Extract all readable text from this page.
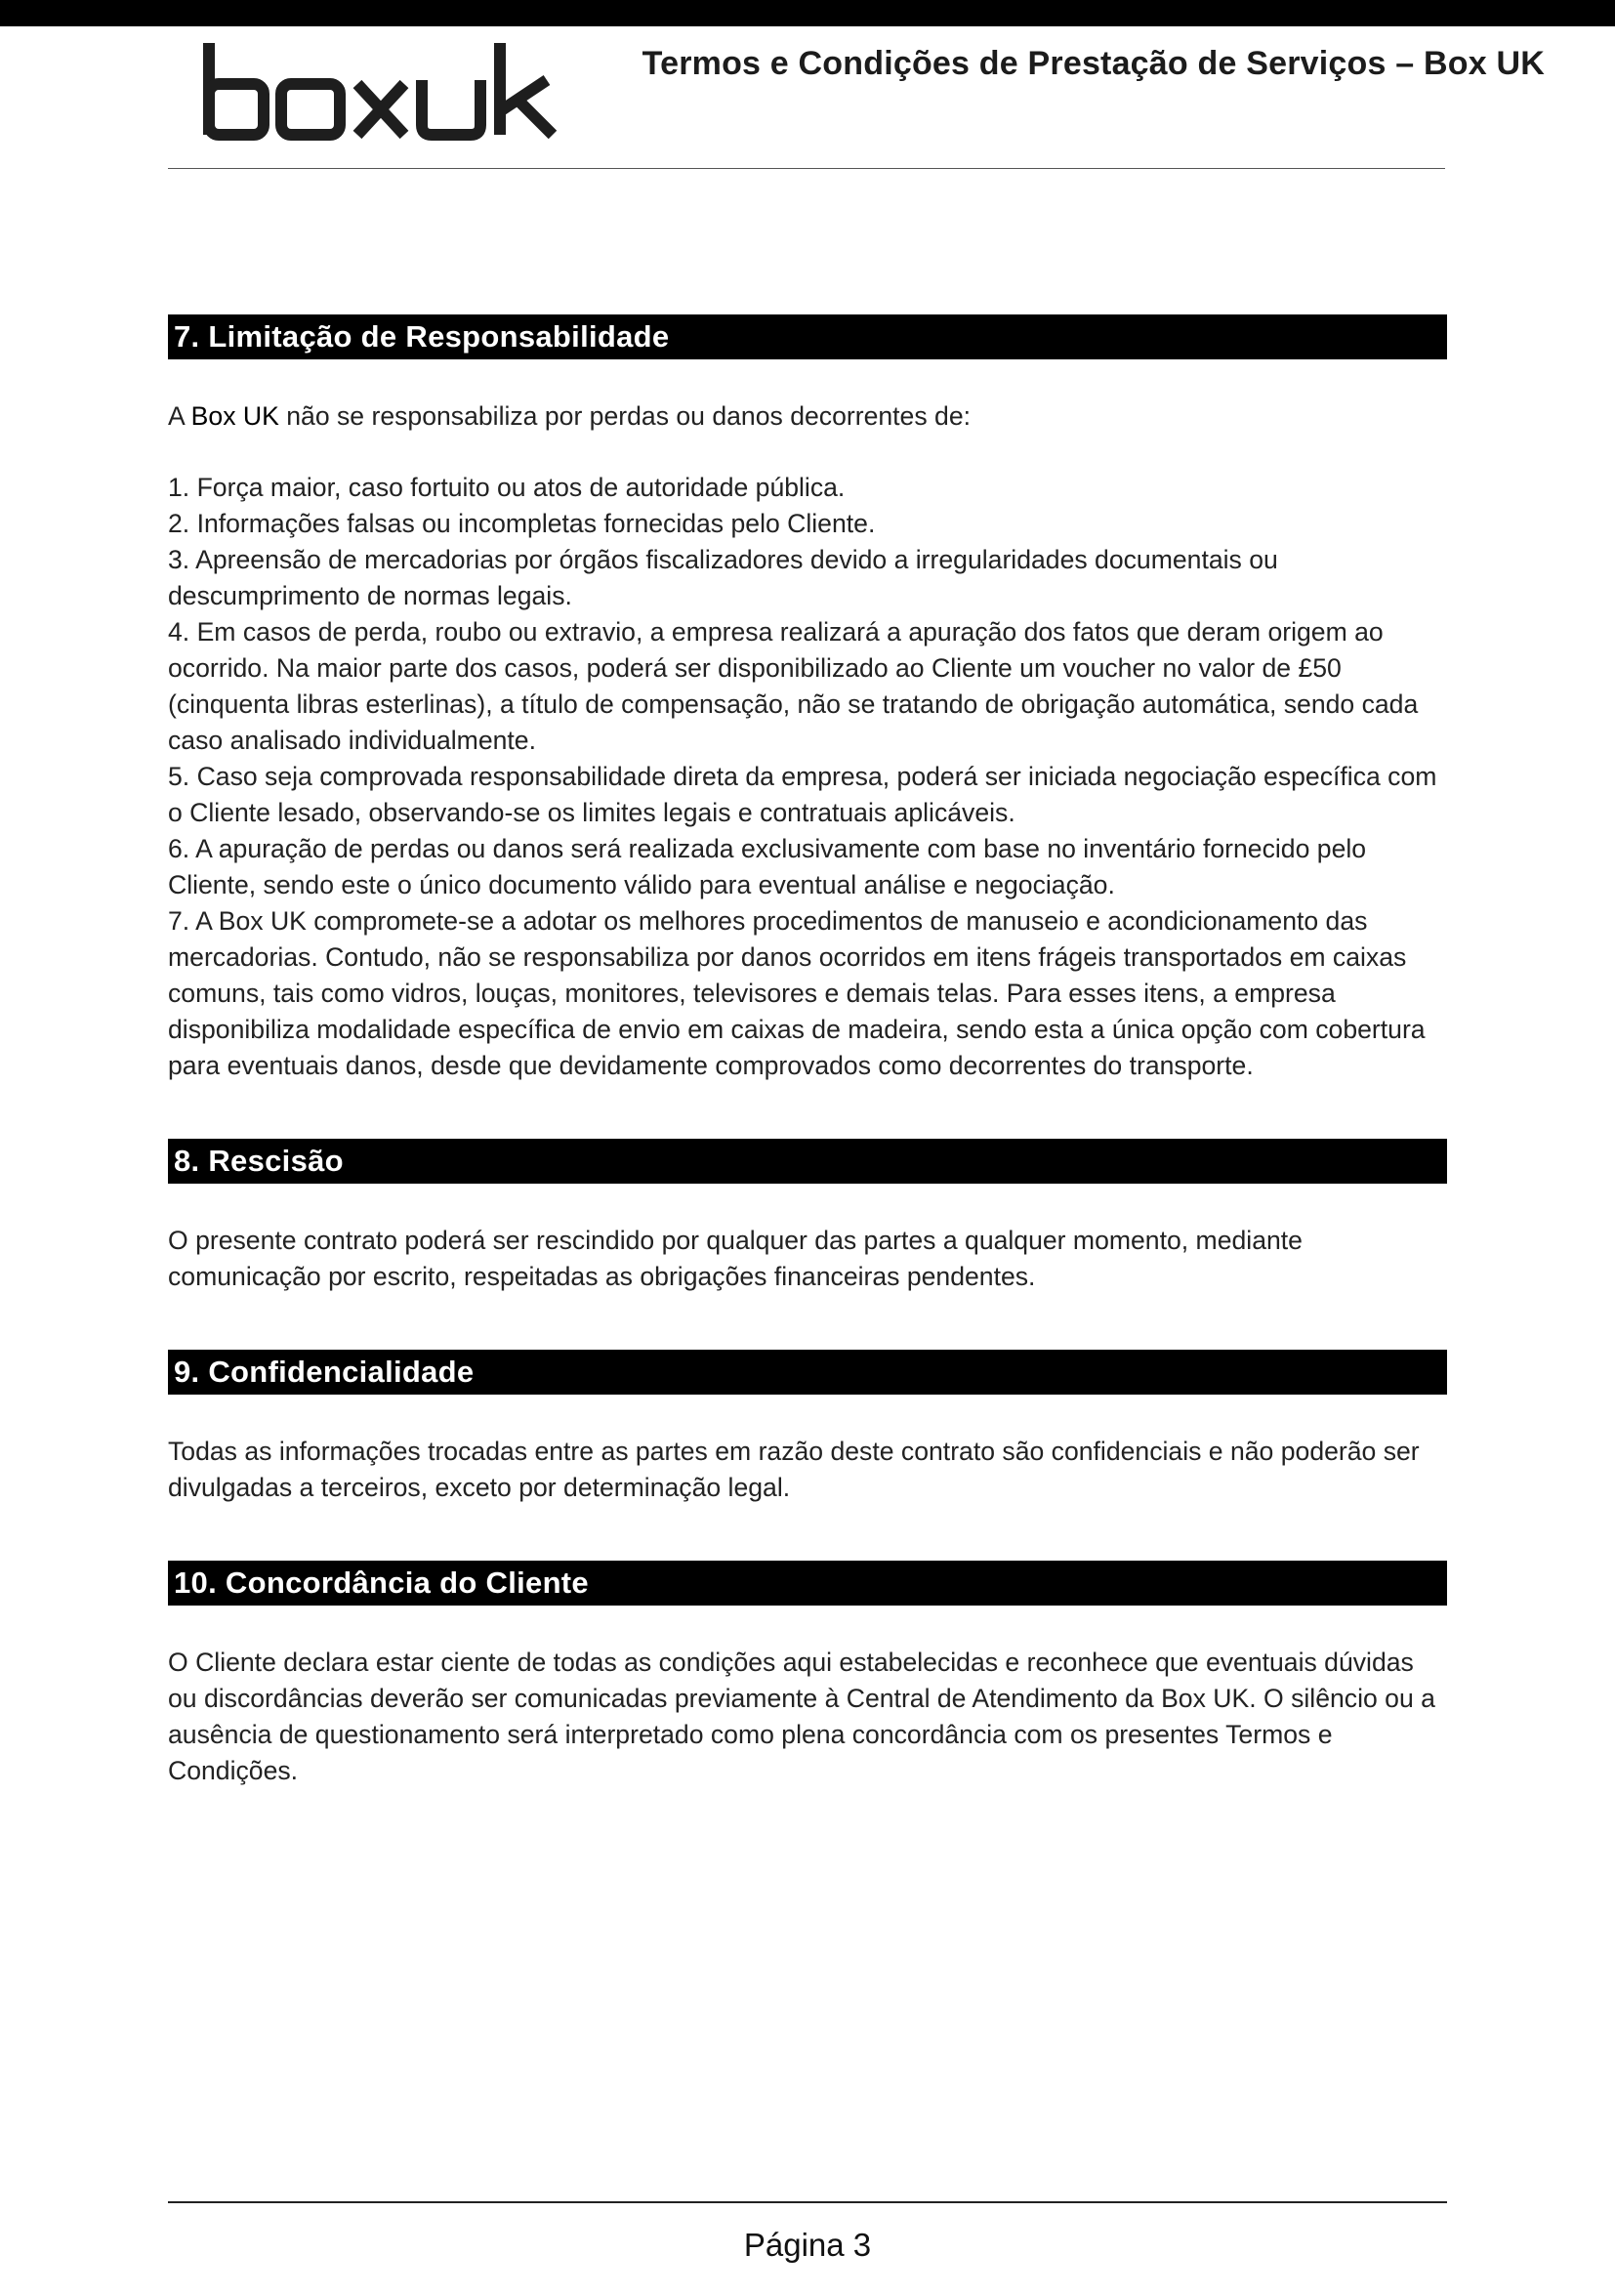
Termos e Condições de Prestação de Serviços – Box UK
7. Limitação de Responsabilidade

A Box UK não se responsabiliza por perdas ou danos decorrentes de:

1. Força maior, caso fortuito ou atos de autoridade pública.
2. Informações falsas ou incompletas fornecidas pelo Cliente.
3. Apreensão de mercadorias por órgãos fiscalizadores devido a irregularidades documentais ou descumprimento de normas legais.
4. Em casos de perda, roubo ou extravio, a empresa realizará a apuração dos fatos que deram origem ao ocorrido. Na maior parte dos casos, poderá ser disponibilizado ao Cliente um voucher no valor de £50 (cinquenta libras esterlinas), a título de compensação, não se tratando de obrigação automática, sendo cada caso analisado individualmente.
5. Caso seja comprovada responsabilidade direta da empresa, poderá ser iniciada negociação específica com o Cliente lesado, observando-se os limites legais e contratuais aplicáveis.
6. A apuração de perdas ou danos será realizada exclusivamente com base no inventário fornecido pelo Cliente, sendo este o único documento válido para eventual análise e negociação.
7. A Box UK compromete-se a adotar os melhores procedimentos de manuseio e acondicionamento das mercadorias. Contudo, não se responsabiliza por danos ocorridos em itens frágeis transportados em caixas comuns, tais como vidros, louças, monitores, televisores e demais telas. Para esses itens, a empresa disponibiliza modalidade específica de envio em caixas de madeira, sendo esta a única opção com cobertura para eventuais danos, desde que devidamente comprovados como decorrentes do transporte.
8. Rescisão

O presente contrato poderá ser rescindido por qualquer das partes a qualquer momento, mediante comunicação por escrito, respeitadas as obrigações financeiras pendentes.

9. Confidencialidade

Todas as informações trocadas entre as partes em razão deste contrato são confidenciais e não poderão ser divulgadas a terceiros, exceto por determinação legal.

10. Concordância do Cliente

O Cliente declara estar ciente de todas as condições aqui estabelecidas e reconhece que eventuais dúvidas ou discordâncias deverão ser comunicadas previamente à Central de Atendimento da Box UK. O silêncio ou a ausência de questionamento será interpretado como plena concordância com os presentes Termos e Condições.

Página 3
